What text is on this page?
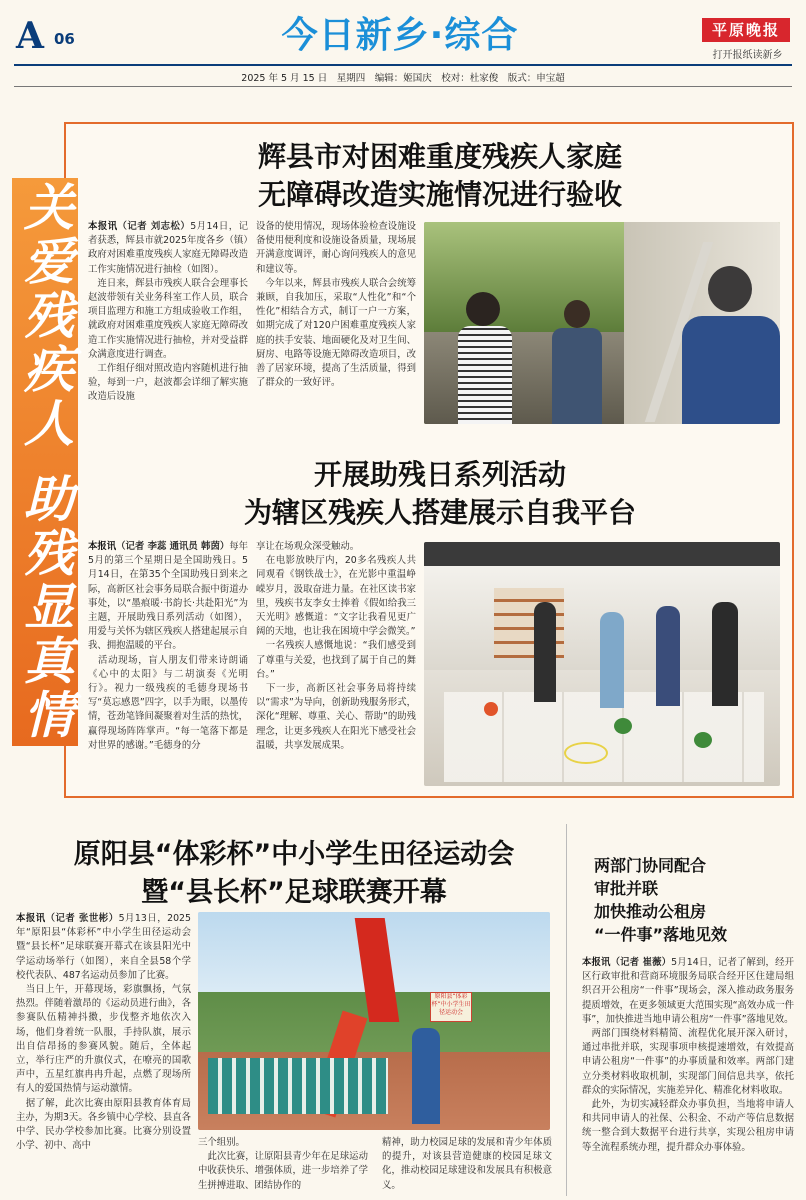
A 06	今日新乡·综合	平原晚报
打开报纸读新乡
2025 年 5 月 15 日　星期四　编辑：姬国庆　校对：杜家俊　版式：申宝超
关爱残疾人 助残显真情
辉县市对困难重度残疾人家庭
无障碍改造实施情况进行验收
本报讯（记者 刘志松）5月14日，记者获悉，辉县市就2025年度各乡（镇）政府对困难重度残疾人家庭无障碍改造工作实施情况进行抽检（如图）。
　连日来，辉县市残疾人联合会理事长赵波带领有关业务科室工作人员，联合项目监理方和施工方组成验收工作组，就政府对困难重度残疾人家庭无障碍改造工作实施情况进行抽检，并对受益群众满意度进行调查。
　工作组仔细对照改造内容随机进行抽验，每到一户，赵波都会详细了解实施改造后设施
设备的使用情况，现场体验检查设施设备使用便利度和设施设备质量，现场展开满意度调评，耐心询问残疾人的意见和建议等。
　今年以来，辉县市残疾人联合会统筹兼顾，自我加压，采取“人性化”和“个性化”相结合方式，制订一户一方案，如期完成了对120户困难重度残疾人家庭的扶手安装、地面硬化及对卫生间、厨房、电路等设施无障碍改造项目，改善了居家环境，提高了生活质量，得到了群众的一致好评。
开展助残日系列活动
为辖区残疾人搭建展示自我平台
本报讯（记者 李蕊 通讯员 韩茵）每年5月的第三个星期日是全国助残日。5月14日，在第35个全国助残日到来之际，高新区社会事务局联合振中街道办事处，以“墨痕暖·书韵长·共赴阳光”为主题，开展助残日系列活动（如图），用爱与关怀为辖区残疾人搭建起展示自我、拥抱温暖的平台。
　活动现场，盲人朋友们带来诗朗诵《心中的太阳》与二胡演奏《光明行》。视力一级残疾的毛德身现场书写“莫忘感恩”四字，以手为眼，以墨传情，苍劲笔锋间凝聚着对生活的热忱，赢得现场阵阵掌声。“每一笔落下都是对世界的感谢。”毛德身的分
享让在场观众深受触动。
　在电影放映厅内，20多名残疾人共同观看《钢铁战士》，在光影中重温峥嵘岁月，汲取奋进力量。在社区读书家里，残疾书友李女士捧着《假如给我三天光明》感慨道：“文字让我看见更广阔的天地，也让我在困境中学会微笑。”
　一名残疾人感慨地说：“我们感受到了尊重与关爱，也找到了属于自己的舞台。”
　下一步，高新区社会事务局将持续以“需求”为导向，创新助残服务形式，深化“理解、尊重、关心、帮助”的助残理念，让更多残疾人在阳光下感受社会温暖，共享发展成果。
原阳县“体彩杯”中小学生田径运动会
暨“县长杯”足球联赛开幕
本报讯（记者 张世彬）5月13日，2025年“原阳县“体彩杯”中小学生田径运动会暨“县长杯”足球联赛开幕式在该县阳光中学运动场举行（如图），来自全县58个学校代表队、487名运动员参加了比赛。
　当日上午，开幕现场，彩旗飘扬，气氛热烈。伴随着激昂的《运动员进行曲》，各参赛队伍精神抖擞，步伐整齐地依次入场，他们身着统一队服，手持队旗，展示出自信昂扬的参赛风貌。随后，全体起立，举行庄严的升旗仪式，在嘹亮的国歌声中，五星红旗冉冉升起，点燃了现场所有人的爱国热情与运动激情。
　据了解，此次比赛由原阳县教育体育局主办，为期3天。各乡镇中心学校、县直各中学、民办学校参加比赛。比赛分别设置小学、初中、高中
原阳县“体彩杯”中小学生田径运动会
三个组别。
　此次比赛，让原阳县青少年在足球运动中收获快乐、增强体质，进一步培养了学生拼搏进取、团结协作的
精神，助力校园足球的发展和青少年体质的提升，对该县营造健康的校园足球文化，推动校园足球建设和发展具有积极意义。
两部门协同配合
审批并联
加快推动公租房
“一件事”落地见效
本报讯（记者 崔薇）5月14日，记者了解到，经开区行政审批和营商环境服务局联合经开区住建局组织召开公租房“一件事”现场会，深入推动政务服务提质增效，在更多领域更大范围实现“高效办成一件事”，加快推进当地申请公租房“一件事”落地见效。
　两部门围绕材料精简、流程优化展开深入研讨，通过串批并联，实现事项申核提速增效，有效提高申请公租房“一件事”的办事质量和效率。两部门建立分类材料收取机制，实现部门间信息共享，依托群众的实际情况，实施差异化、精准化材料收取。
　此外，为切实减轻群众办事负担，当地将申请人和共同申请人的社保、公积金、不动产等信息数据统一整合到大数据平台进行共享，实现公租房申请等全流程系统办理，提升群众办事体验。
